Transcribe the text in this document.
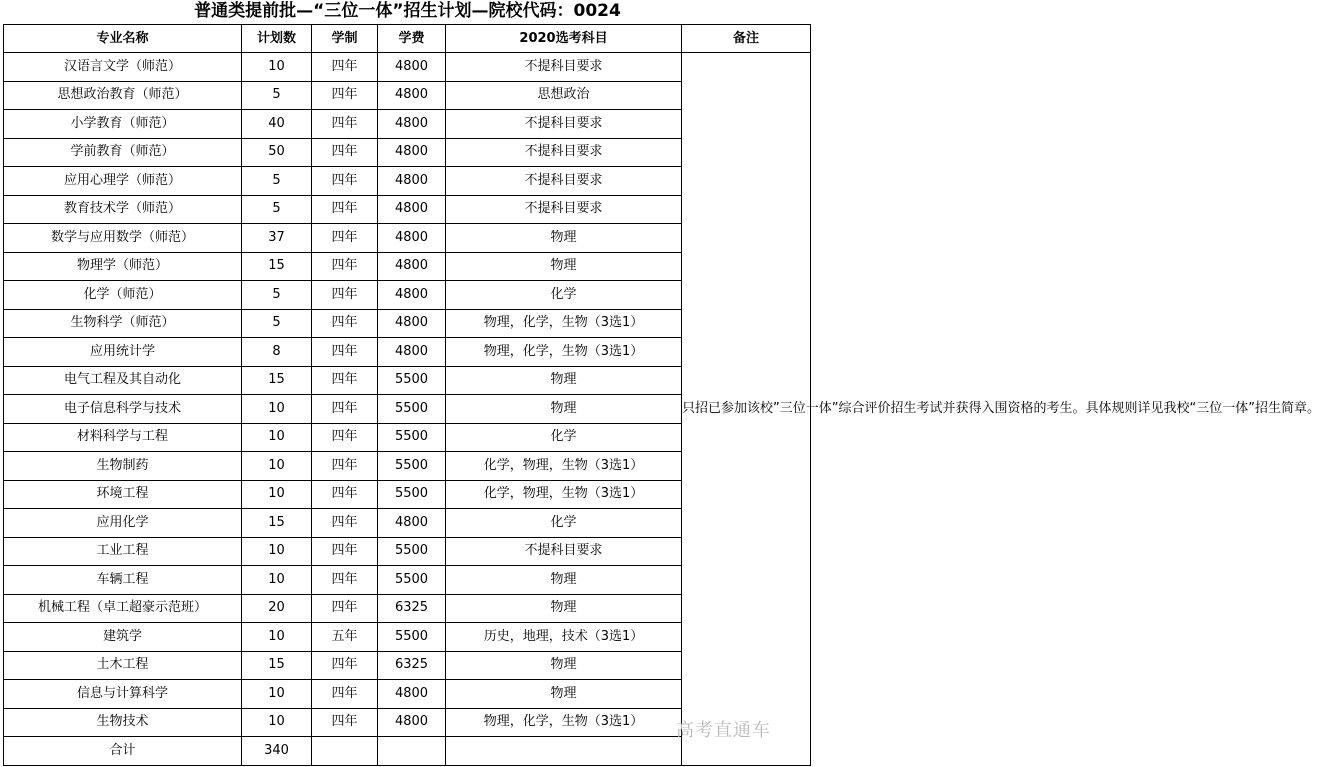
普通类提前批—“三位一体”招生计划—院校代码：0024
专业名称	计划数	学制	学费	2020选考科目	备注
汉语言文学（师范）	10	四年	4800	不提科目要求	只招已参加该校”三位一体”综合评价招生考试并获得入围资格的考生。具体规则详见我校“三位一体”招生简章。

思想政治教育（师范）	5	四年	4800	思想政治	
小学教育（师范）	40	四年	4800	不提科目要求	
学前教育（师范）	50	四年	4800	不提科目要求	
应用心理学（师范）	5	四年	4800	不提科目要求	
教育技术学（师范）	5	四年	4800	不提科目要求	
数学与应用数学（师范）	37	四年	4800	物理	
物理学（师范）	15	四年	4800	物理	
化学（师范）	5	四年	4800	化学	
生物科学（师范）	5	四年	4800	物理，化学，生物（3选1）	
应用统计学	8	四年	4800	物理，化学，生物（3选1）	
电气工程及其自动化	15	四年	5500	物理	
电子信息科学与技术	10	四年	5500	物理	
材料科学与工程	10	四年	5500	化学	
生物制药	10	四年	5500	化学，物理，生物（3选1）	
环境工程	10	四年	5500	化学，物理，生物（3选1）	
应用化学	15	四年	4800	化学	
工业工程	10	四年	5500	不提科目要求	
车辆工程	10	四年	5500	物理	
机械工程（卓工超豪示范班）	20	四年	6325	物理	
建筑学	10	五年	5500	历史，地理，技术（3选1）	
土木工程	15	四年	6325	物理	
信息与计算科学	10	四年	4800	物理	
生物技术	10	四年	4800	物理，化学，生物（3选1）	
合计	340				
高考直通车
